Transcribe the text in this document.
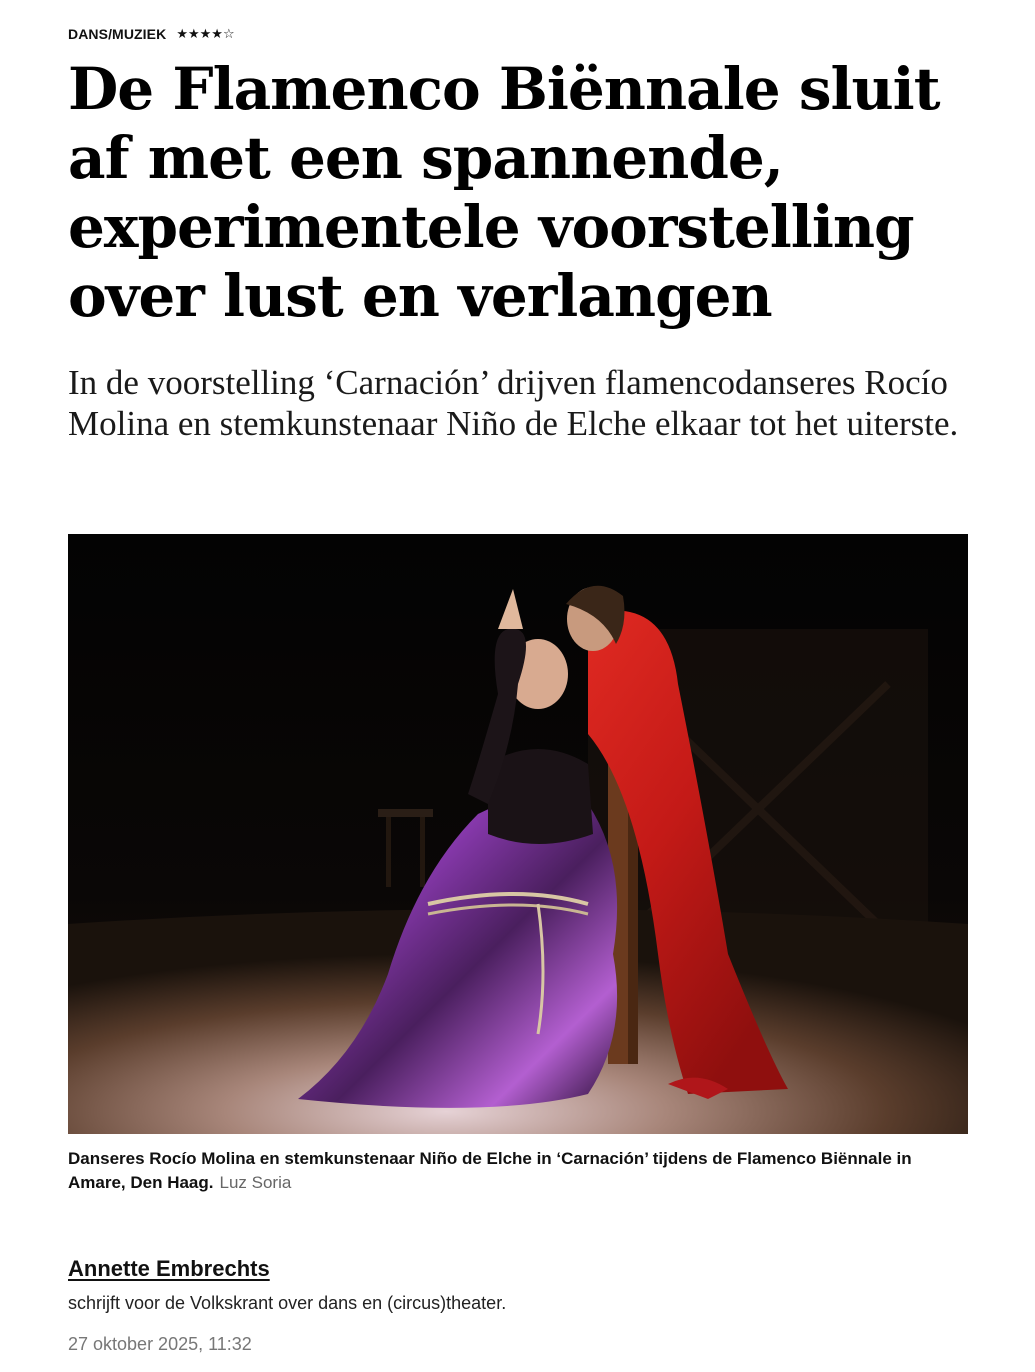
DANS/MUZIEK ★ ★ ★ ★ ☆
De Flamenco Biënnale sluit af met een spannende, experimentele voorstelling over lust en verlangen

In de voorstelling ‘Carnación’ drijven flamencodanseres Rocío Molina en stemkunstenaar Niño de Elche elkaar tot het uiterste.

Danseres Rocío Molina en stemkunstenaar Niño de Elche in ‘Carnación’ tijdens de Flamenco Biënnale in Amare, Den Haag. Luz Soria
Annette Embrechts
schrijft voor de Volkskrant over dans en (circus)theater.
27 oktober 2025, 11:32
